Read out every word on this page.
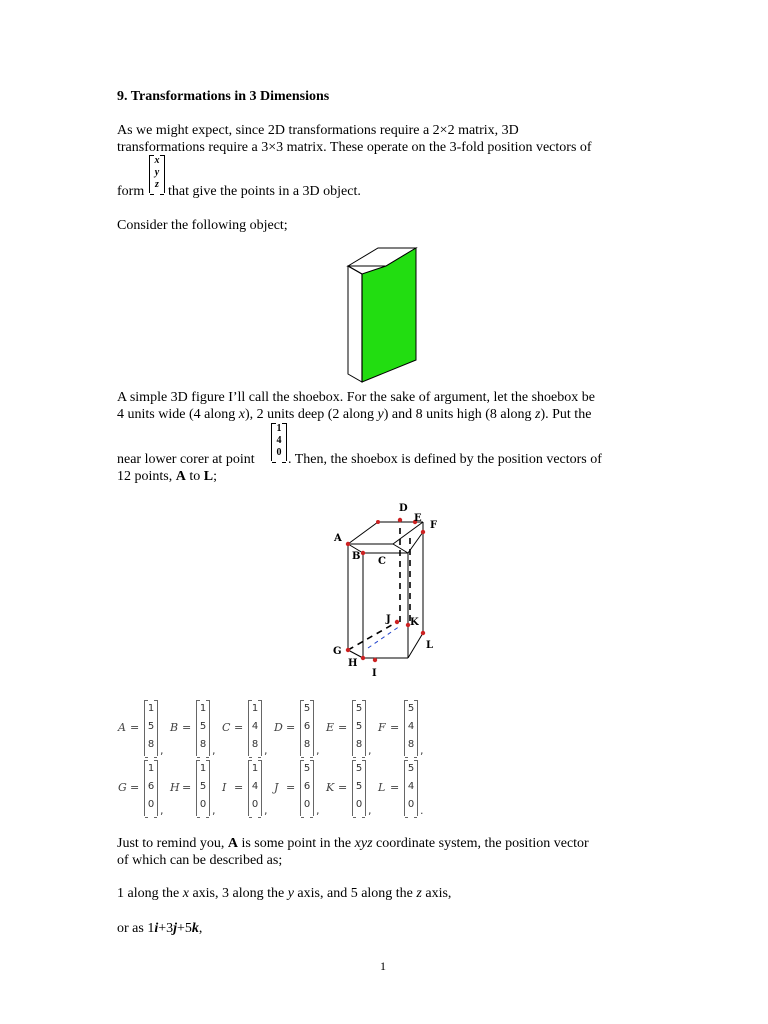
9. Transformations in 3 Dimensions
As we might expect, since 2D transformations require a 2×2 matrix, 3D
transformations require a 3×3 matrix. These operate on the 3-fold position vectors of
form
x
y
z that give the points in a 3D object.
Consider the following object;
A simple 3D figure I’ll call the shoebox. For the sake of argument, let the shoebox be
4 units wide (4 along x), 2 units deep (2 along y) and 8 units high (8 along z). Put the
near lower corer at point
1
4
0 . Then, the shoebox is defined by the position vectors of
12 points, A to L;
A
B C
D
E
F
G
H
I
J K
L
A =
1
5
8 ,
B =
1
5
8 ,
C =
1
4
8 ,
D =
5
6
8 ,
E =
5
5
8 ,
F =
5
4
8 ,
G =
1
6
0 ,
H =
1
5
0 ,
I =
1
4
0 ,
J =
5
6
0 ,
K =
5
5
0 ,
L =
5
4
0 .
Just to remind you, A is some point in the xyz coordinate system, the position vector
of which can be described as;
1 along the x axis, 3 along the y axis, and 5 along the z axis,
or as 1i+3j+5k,
1
